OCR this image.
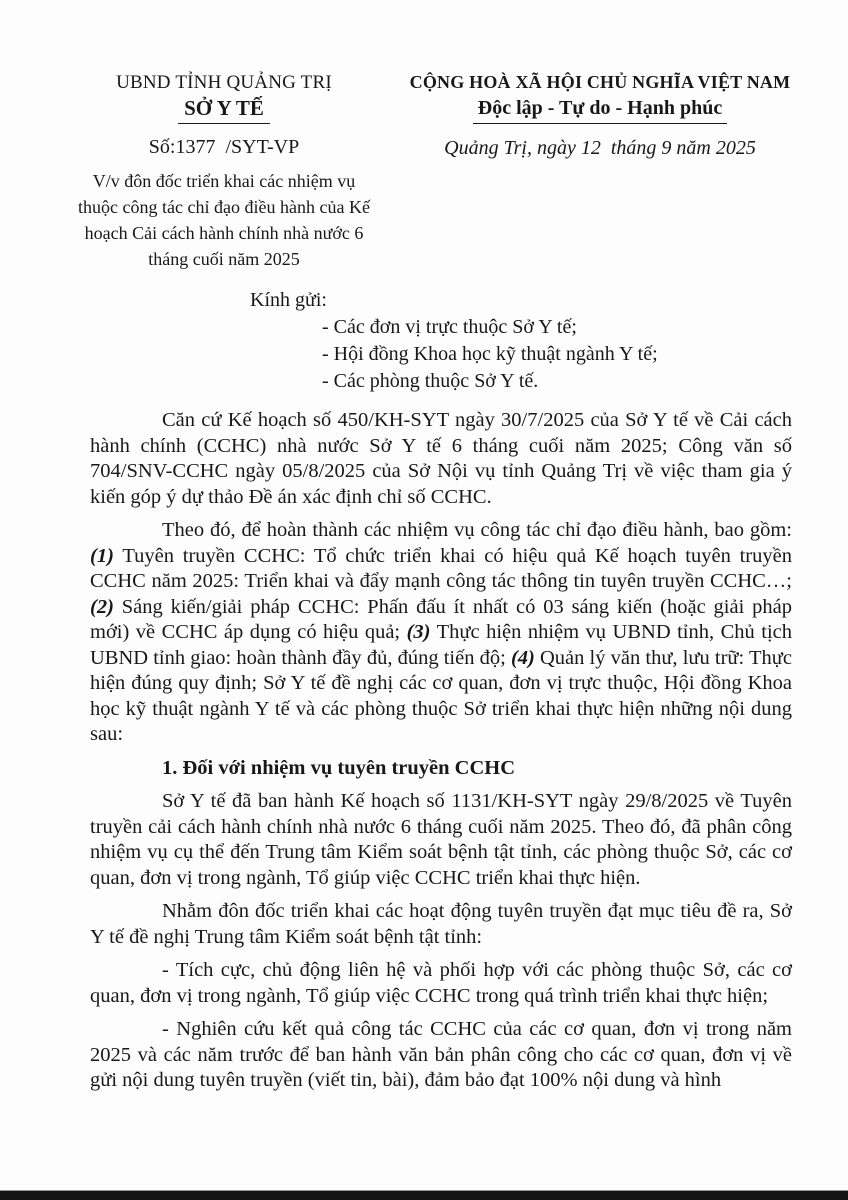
UBND TỈNH QUẢNG TRỊ
SỞ Y TẾ
Số:1377  /SYT-VP
V/v đôn đốc triển khai các nhiệm vụ thuộc công tác chỉ đạo điều hành của Kế hoạch Cải cách hành chính nhà nước 6 tháng cuối năm 2025
CỘNG HOÀ XÃ HỘI CHỦ NGHĨA VIỆT NAM
Độc lập - Tự do - Hạnh phúc
Quảng Trị, ngày 12  tháng 9 năm 2025
Kính gửi:
- Các đơn vị trực thuộc Sở Y tế;
- Hội đồng Khoa học kỹ thuật ngành Y tế;
- Các phòng thuộc Sở Y tế.

Căn cứ Kế hoạch số 450/KH-SYT ngày 30/7/2025 của Sở Y tế về Cải cách hành chính (CCHC) nhà nước Sở Y tế 6 tháng cuối năm 2025; Công văn số 704/SNV-CCHC ngày 05/8/2025 của Sở Nội vụ tỉnh Quảng Trị về việc tham gia ý kiến góp ý dự thảo Đề án xác định chỉ số CCHC.

Theo đó, để hoàn thành các nhiệm vụ công tác chỉ đạo điều hành, bao gồm: (1) Tuyên truyền CCHC: Tổ chức triển khai có hiệu quả Kế hoạch tuyên truyền CCHC năm 2025: Triển khai và đẩy mạnh công tác thông tin tuyên truyền CCHC…; (2) Sáng kiến/giải pháp CCHC: Phấn đấu ít nhất có 03 sáng kiến (hoặc giải pháp mới) về CCHC áp dụng có hiệu quả; (3) Thực hiện nhiệm vụ UBND tỉnh, Chủ tịch UBND tỉnh giao: hoàn thành đầy đủ, đúng tiến độ; (4) Quản lý văn thư, lưu trữ: Thực hiện đúng quy định; Sở Y tế đề nghị các cơ quan, đơn vị trực thuộc, Hội đồng Khoa học kỹ thuật ngành Y tế và các phòng thuộc Sở triển khai thực hiện những nội dung sau:

1. Đối với nhiệm vụ tuyên truyền CCHC

Sở Y tế đã ban hành Kế hoạch số 1131/KH-SYT ngày 29/8/2025 về Tuyên truyền cải cách hành chính nhà nước 6 tháng cuối năm 2025. Theo đó, đã phân công nhiệm vụ cụ thể đến Trung tâm Kiểm soát bệnh tật tỉnh, các phòng thuộc Sở, các cơ quan, đơn vị trong ngành, Tổ giúp việc CCHC triển khai thực hiện.

Nhằm đôn đốc triển khai các hoạt động tuyên truyền đạt mục tiêu đề ra, Sở Y tế đề nghị Trung tâm Kiểm soát bệnh tật tỉnh:

- Tích cực, chủ động liên hệ và phối hợp với các phòng thuộc Sở, các cơ quan, đơn vị trong ngành, Tổ giúp việc CCHC trong quá trình triển khai thực hiện;

- Nghiên cứu kết quả công tác CCHC của các cơ quan, đơn vị trong năm 2025 và các năm trước để ban hành văn bản phân công cho các cơ quan, đơn vị về gửi nội dung tuyên truyền (viết tin, bài), đảm bảo đạt 100% nội dung và hình
